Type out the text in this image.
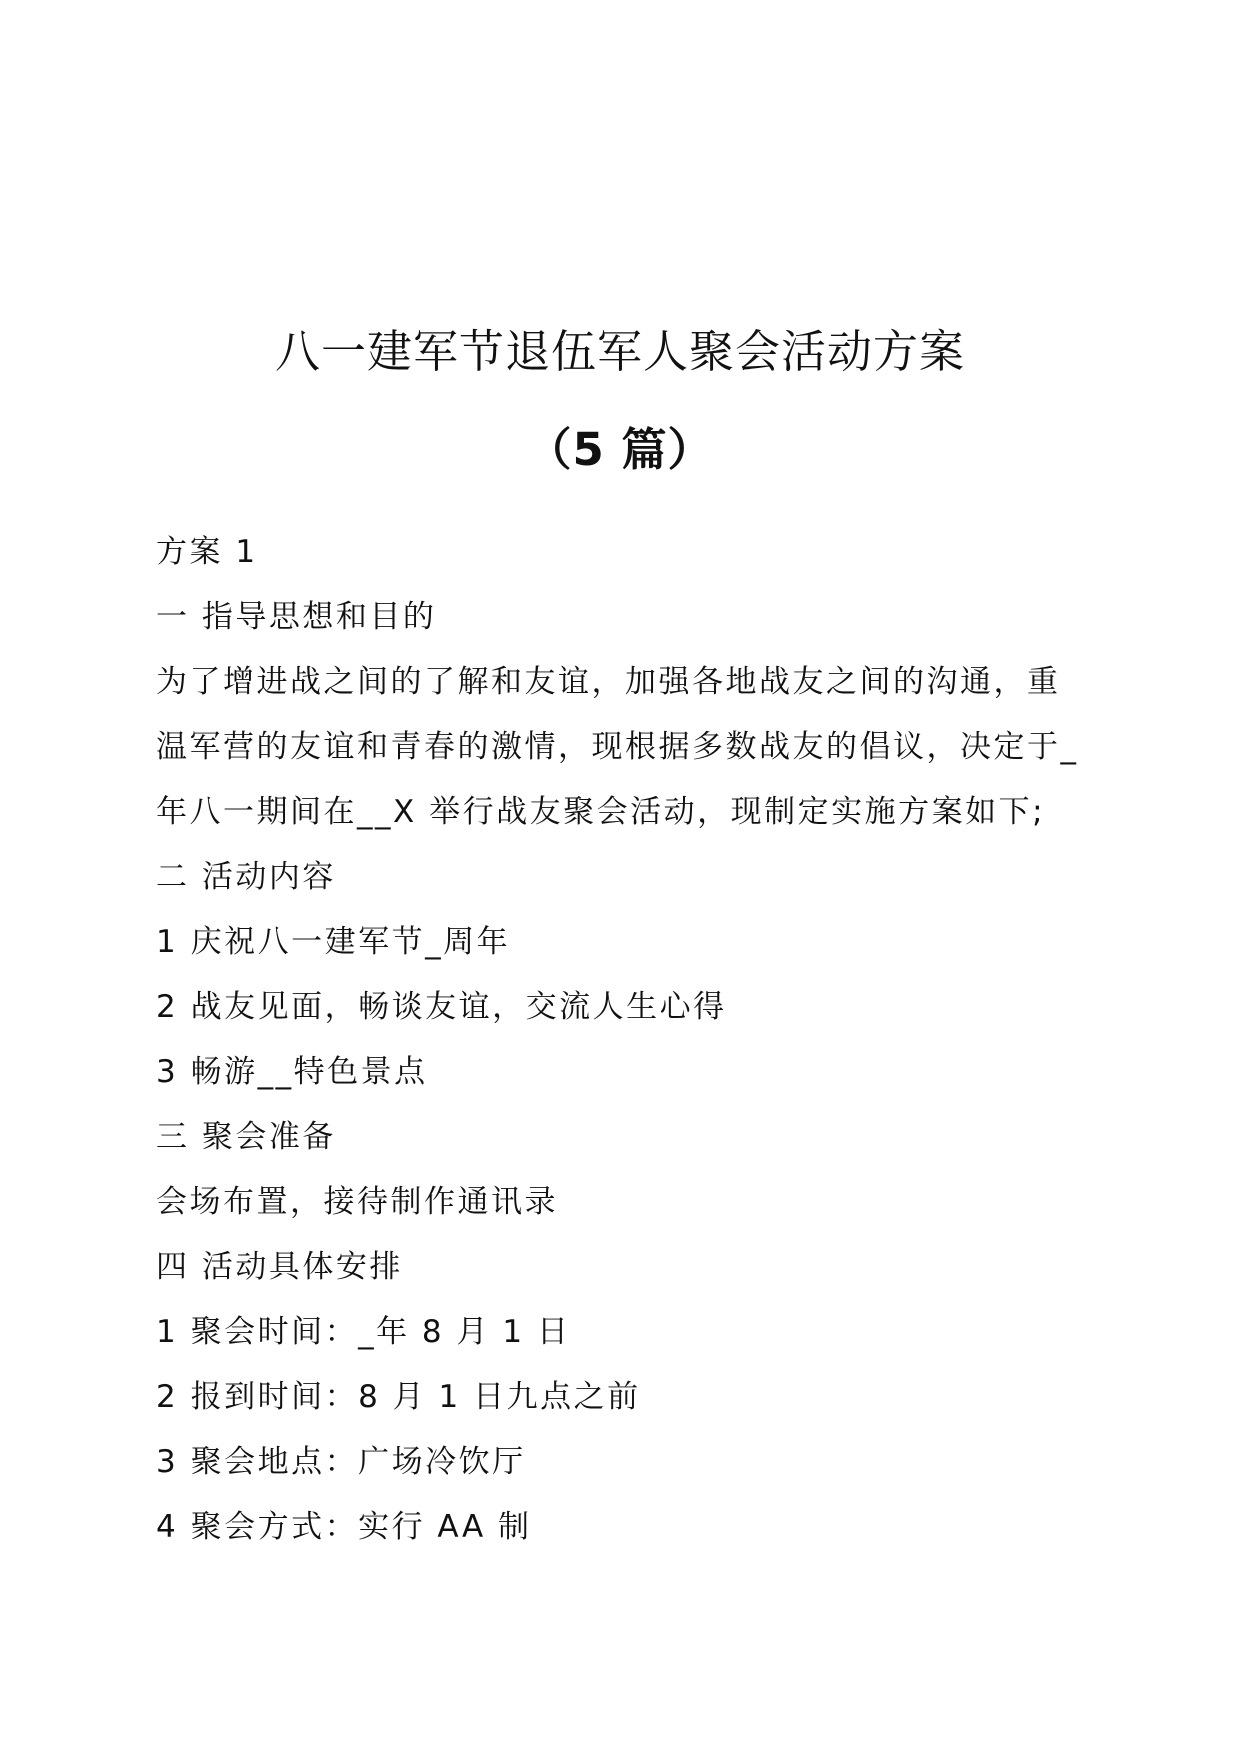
八一建军节退伍军人聚会活动方案
（5 篇）

方案 1

一 指导思想和目的

为了增进战之间的了解和友谊，加强各地战友之间的沟通，重

温军营的友谊和青春的激情，现根据多数战友的倡议，决定于_

年八一期间在__X 举行战友聚会活动，现制定实施方案如下;

二 活动内容

1 庆祝八一建军节_周年

2 战友见面，畅谈友谊，交流人生心得

3 畅游__特色景点

三 聚会准备

会场布置，接待制作通讯录

四 活动具体安排

1 聚会时间：_年 8 月 1 日

2 报到时间：8 月 1 日九点之前

3 聚会地点：广场冷饮厅

4 聚会方式：实行 AA 制
